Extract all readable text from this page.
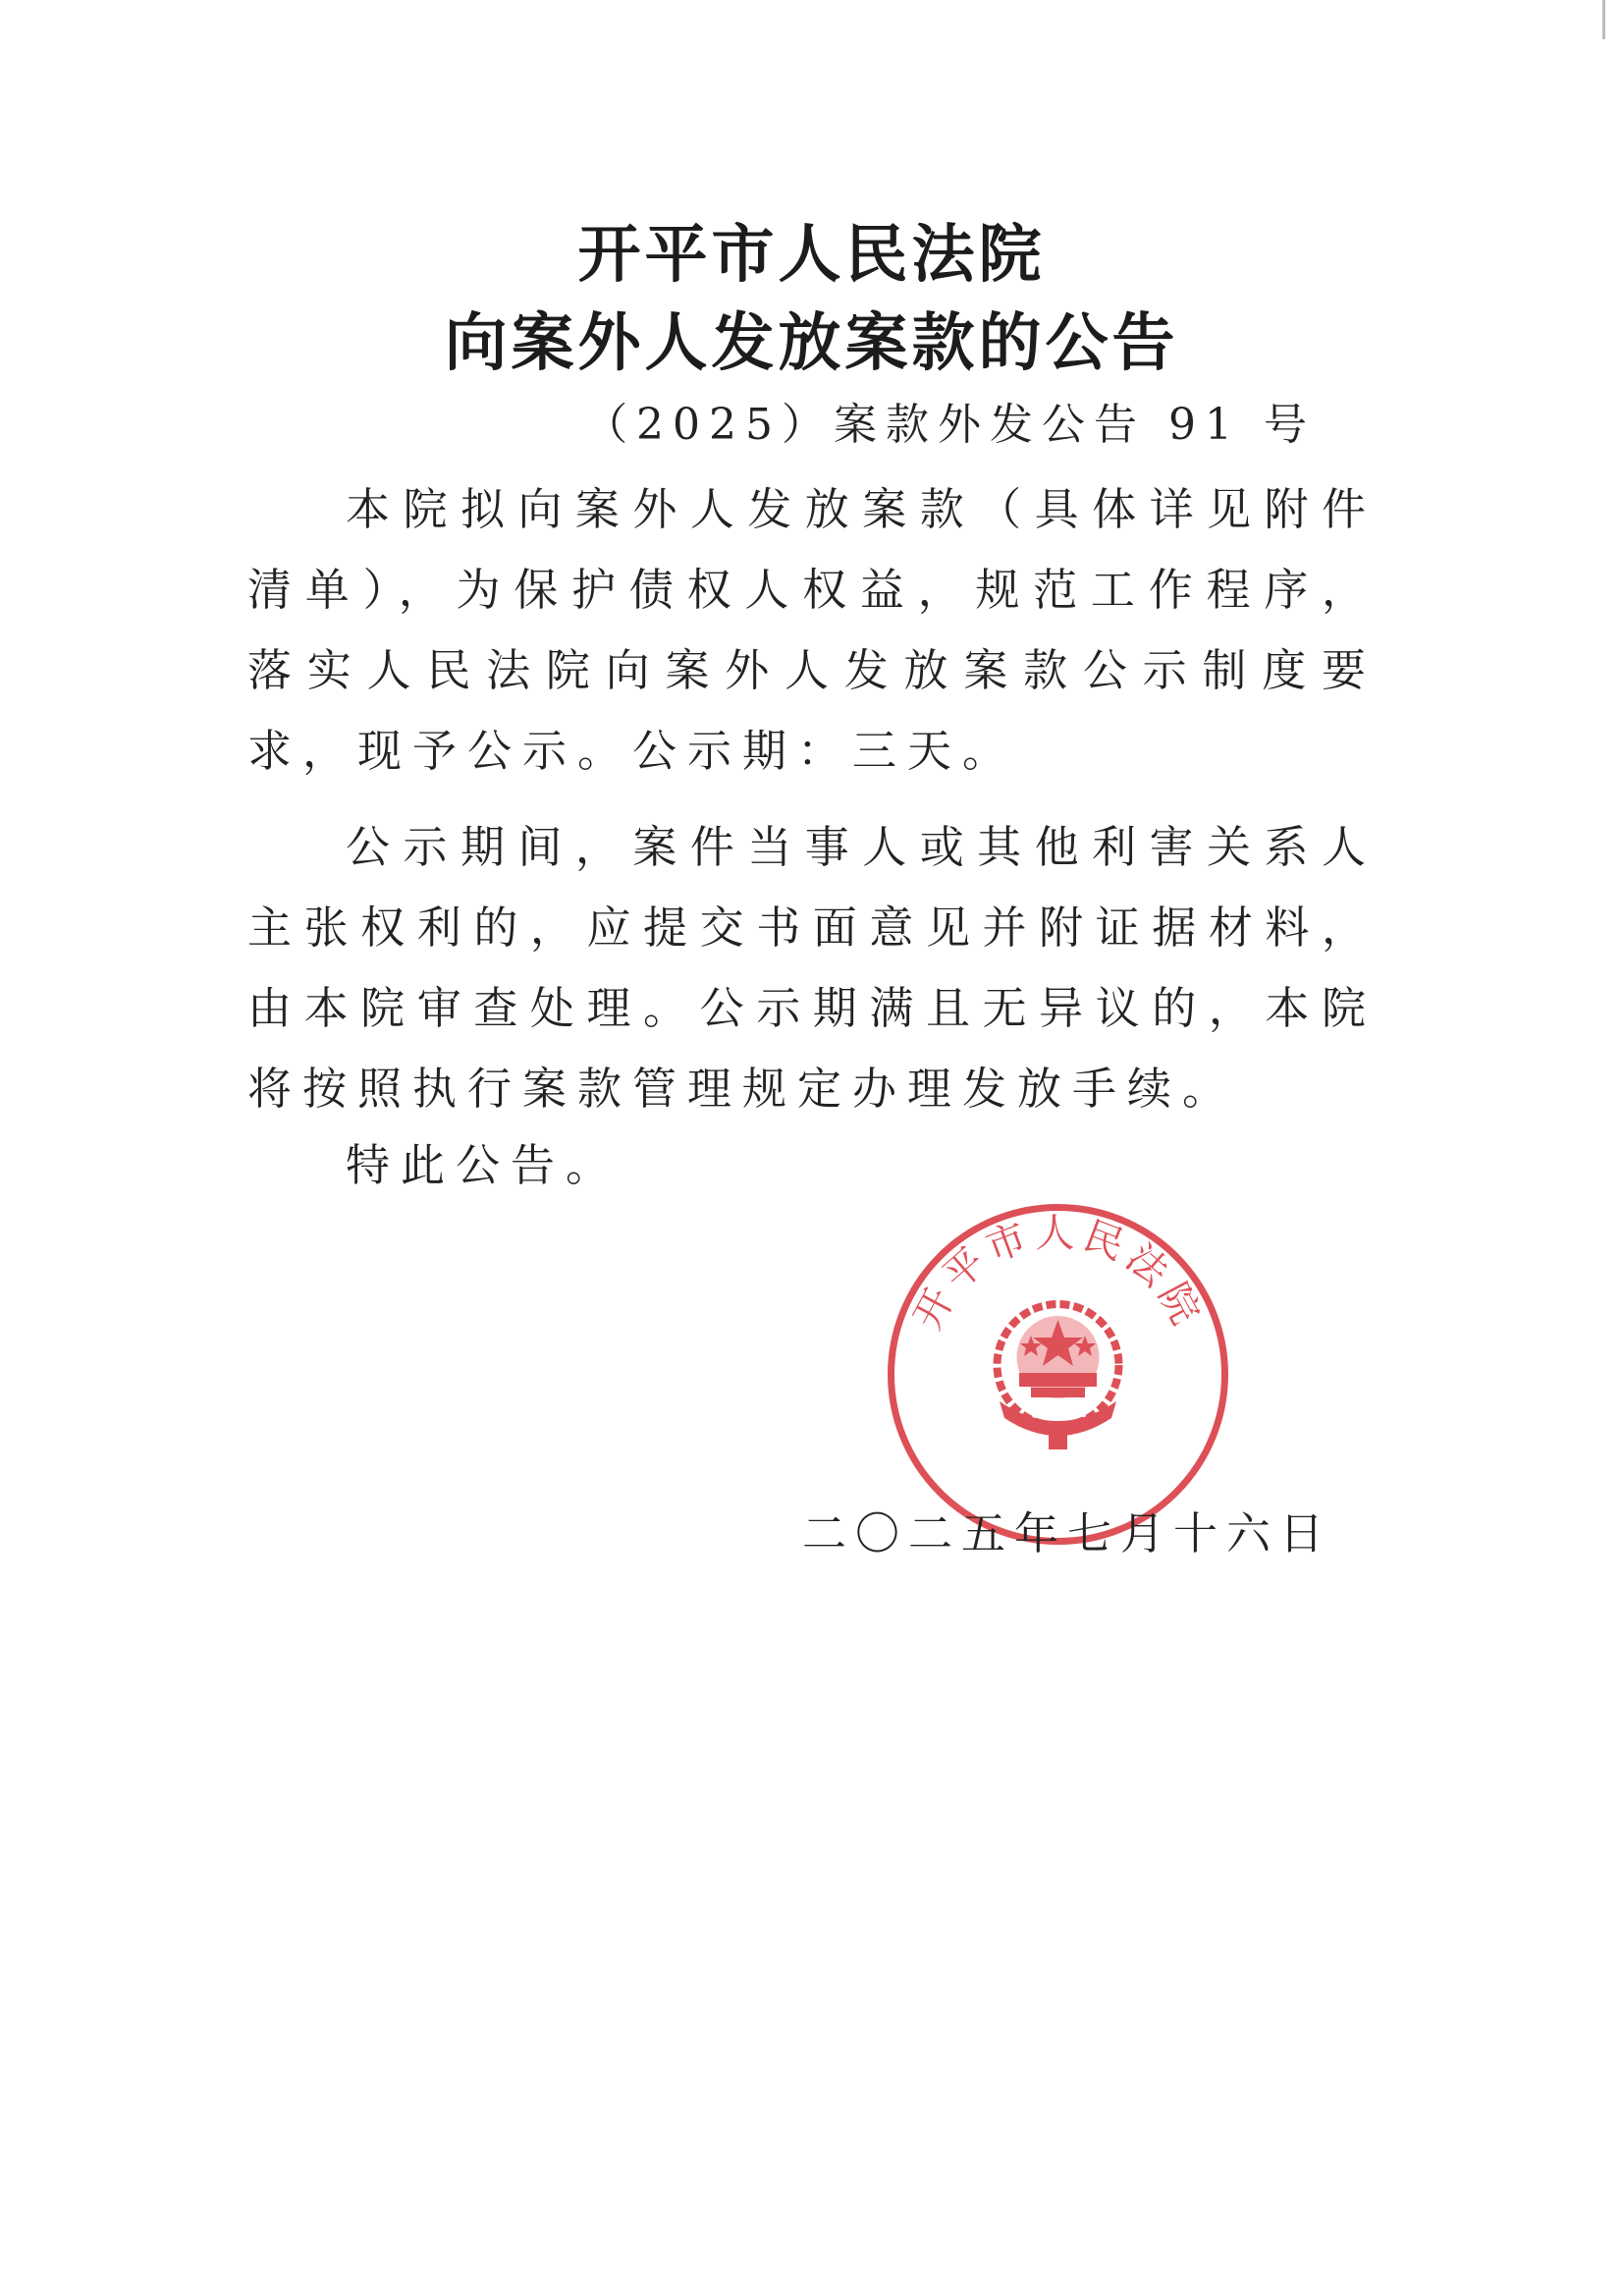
开平市人民法院
向案外人发放案款的公告
（2025）案款外发公告 91 号

本院拟向案外人发放案款（具体详见附件清单），为保护债权人权益，规范工作程序，落实人民法院向案外人发放案款公示制度要求，现予公示。公示期：三天。

公示期间，案件当事人或其他利害关系人主张权利的，应提交书面意见并附证据材料，由本院审查处理。公示期满且无异议的，本院将按照执行案款管理规定办理发放手续。

特此公告。
开平市人民法院
二〇二五年七月十六日
